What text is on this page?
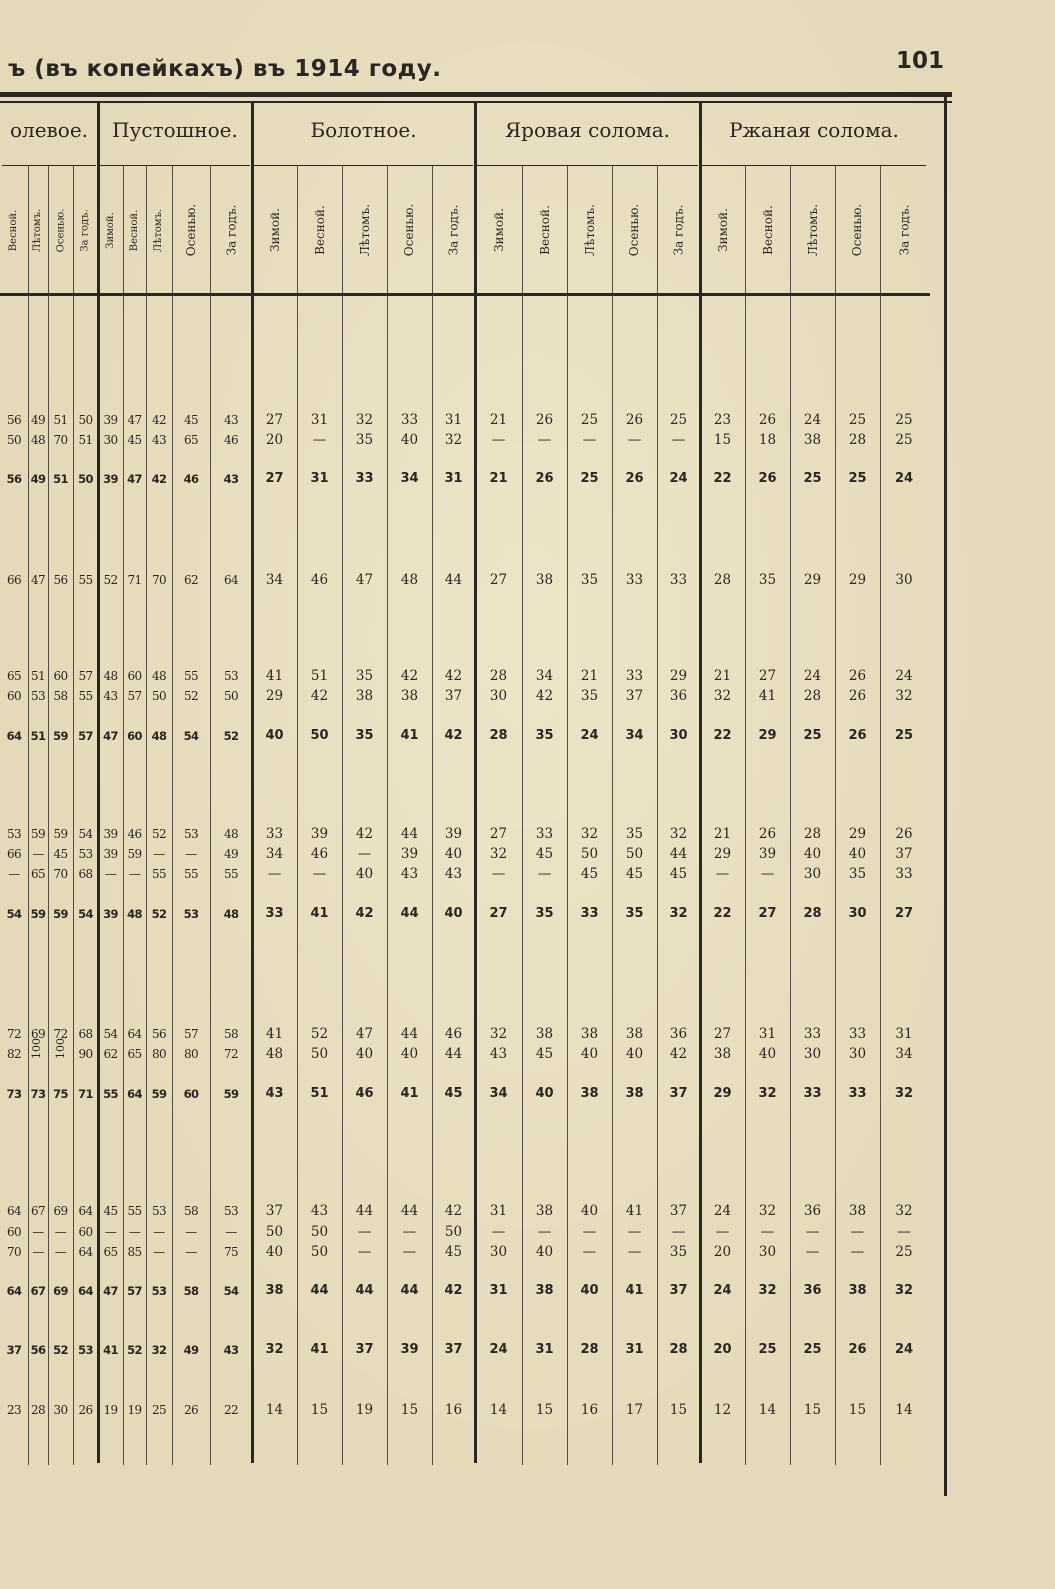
ъ (въ копейкахъ) въ 1914 году.	101
олевое.
Весной. Лѣтомъ. Осенью. За годъ.
Пустошное.
Зимой. Весной. Лѣтомъ. Осенью. За годъ.
Болотное.
Зимой.	Весной.	Лѣтомъ.	Осенью.	За годъ.
Яровая солома.
Зимой.	Весной.	Лѣтомъ.	Осенью.	За годъ.
Ржаная солома.
Зимой.	Весной.	Лѣтомъ.	Осенью.	За годъ.
56 49 51 50 39 47 42	45	43	27	31	32	33	31	21	26	25	26	25	23	26	24	25	25
50 48 70 51 30 45 43	65	46	20	—	35	40	32	—	—	—	—	—	15	18	38	28	25
56 49 51 50 39 47 42	46	43	27	31	33	34	31	21	26	25	26	24	22	26	25	25	24
66 47 56 55 52 71 70	62	64	34	46	47	48	44	27	38	35	33	33	28	35	29	29	30
65 51 60 57 48 60 48	55	53	41	51	35	42	42	28	34	21	33	29	21	27	24	26	24
60 53 58 55 43 57 50	52	50	29	42	38	38	37	30	42	35	37	36	32	41	28	26	32
64 51 59 57 47 60 48	54	52	40	50	35	41	42	28	35	24	34	30	22	29	25	26	25
53 59 59 54 39 46 52	53	48	33	39	42	44	39	27	33	32	35	32	21	26	28	29	26
66 — 45 53 39 59 —	—	49	34	46	—	39	40	32	45	50	50	44	29	39	40	40	37
— 65 70 68	—	— 55	55	55	—	—	40	43	43	—	—	45	45	45	—	—	30	35	33
54 59 59 54 39 48 52	53	48	33	41	42	44	40	27	35	33	35	32	22	27	28	30	27
72 69 72 68 54 64 56	57	58	41	52	47	44	46	32	38	38	38	36	27	31	33	33	31
82 100 100 90 62 65 80	80	72	48	50	40	40	44	43	45	40	40	42	38	40	30	30	34
73 73 75 71 55 64 59	60	59	43	51	46	41	45	34	40	38	38	37	29	32	33	33	32
64 67 69 64 45 55 53	58	53	37	43	44	44	42	31	38	40	41	37	24	32	36	38	32
60 — —	60	—	—	—	—	—	50	50	—	—	50	—	—	—	—	—	—	—	—	—	—
70 — —	64 65 85 —	—	75	40	50	—	—	45	30	40	—	—	35	20	30	—	—	25
64 67 69 64 47 57 53	58	54	38	44	44	44	42	31	38	40	41	37	24	32	36	38	32
37 56 52 53 41 52 32	49	43	32	41	37	39	37	24	31	28	31	28	20	25	25	26	24
23 28 30 26 19 19 25	26	22	14	15	19	15	16	14	15	16	17	15	12	14	15	15	14
